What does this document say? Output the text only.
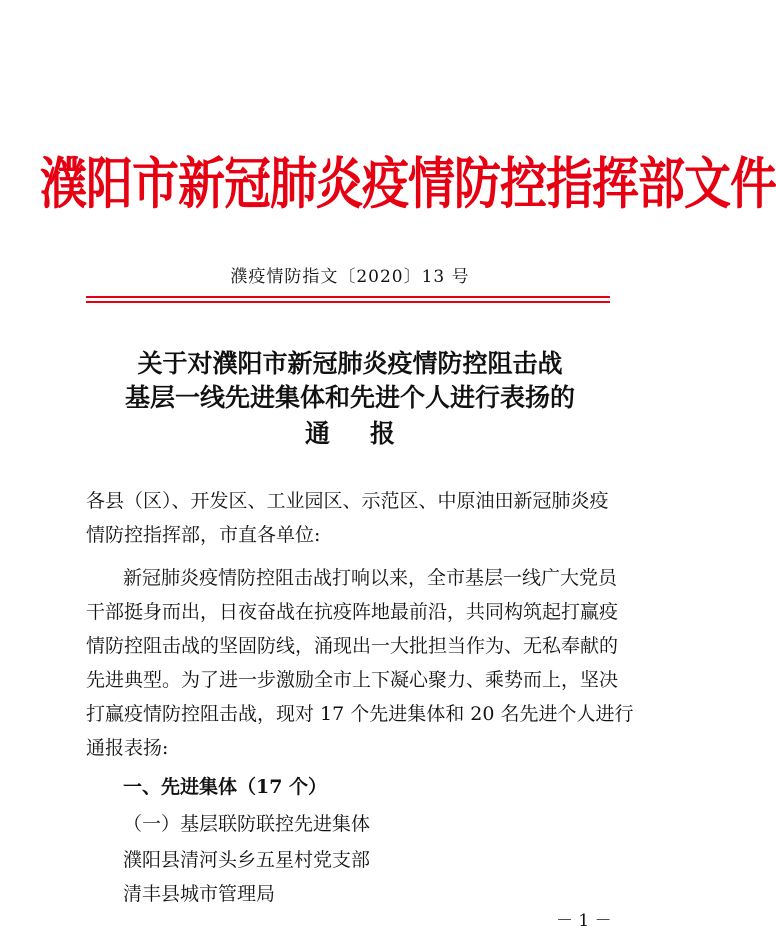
濮阳市新冠肺炎疫情防控指挥部文件
濮疫情防指文〔2020〕13 号
关于对濮阳市新冠肺炎疫情防控阻击战
基层一线先进集体和先进个人进行表扬的
通报
各县（区）、开发区、工业园区、示范区、中原油田新冠肺炎疫
情防控指挥部，市直各单位:
新冠肺炎疫情防控阻击战打响以来，全市基层一线广大党员
干部挺身而出，日夜奋战在抗疫阵地最前沿，共同构筑起打赢疫
情防控阻击战的坚固防线，涌现出一大批担当作为、无私奉献的
先进典型。为了进一步激励全市上下凝心聚力、乘势而上，坚决
打赢疫情防控阻击战，现对 17 个先进集体和 20 名先进个人进行
通报表扬:
一、先进集体（17 个）
（一）基层联防联控先进集体
濮阳县清河头乡五星村党支部
清丰县城市管理局
－ 1 －
